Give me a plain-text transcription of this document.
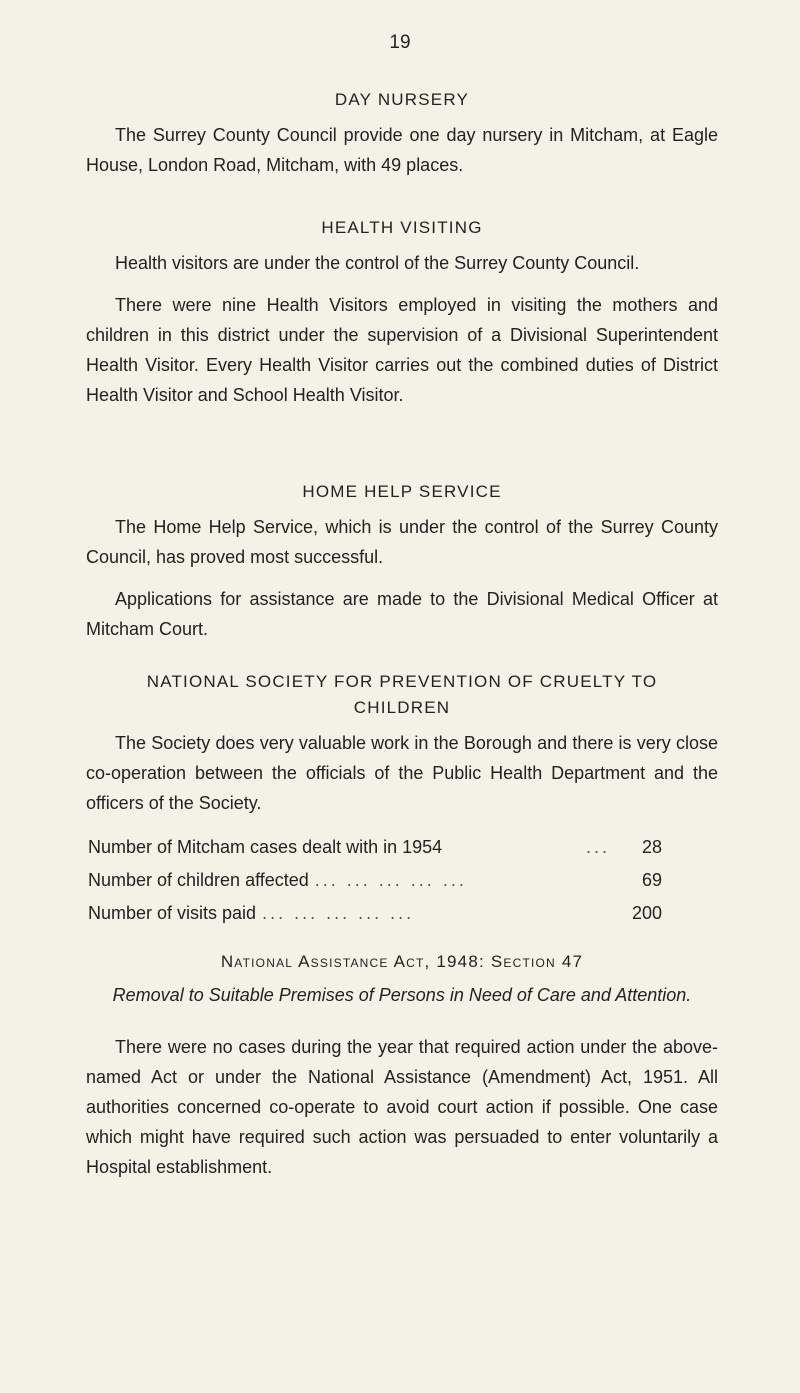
19
DAY NURSERY

The Surrey County Council provide one day nursery in Mitcham, at Eagle House, London Road, Mitcham, with 49 places.

HEALTH VISITING

Health visitors are under the control of the Surrey County Council.

There were nine Health Visitors employed in visiting the mothers and children in this district under the supervision of a Divisional Superintendent Health Visitor. Every Health Visitor carries out the combined duties of District Health Visitor and School Health Visitor.

HOME HELP SERVICE

The Home Help Service, which is under the control of the Surrey County Council, has proved most successful.

Applications for assistance are made to the Divisional Medical Officer at Mitcham Court.

NATIONAL SOCIETY FOR PREVENTION OF CRUELTY TO
CHILDREN

The Society does very valuable work in the Borough and there is very close co-operation between the officials of the Public Health Department and the officers of the Society.

Number of Mitcham cases dealt with in 1954	...	28
Number of children affected ... ... ... ... ...	69
Number of visits paid ... ... ... ... ...	200
National Assistance Act, 1948: Section 47
Removal to Suitable Premises of Persons in Need of Care and Attention.

There were no cases during the year that required action under the above-named Act or under the National Assistance (Amendment) Act, 1951. All authorities concerned co-operate to avoid court action if possible. One case which might have required such action was persuaded to enter voluntarily a Hospital establishment.
